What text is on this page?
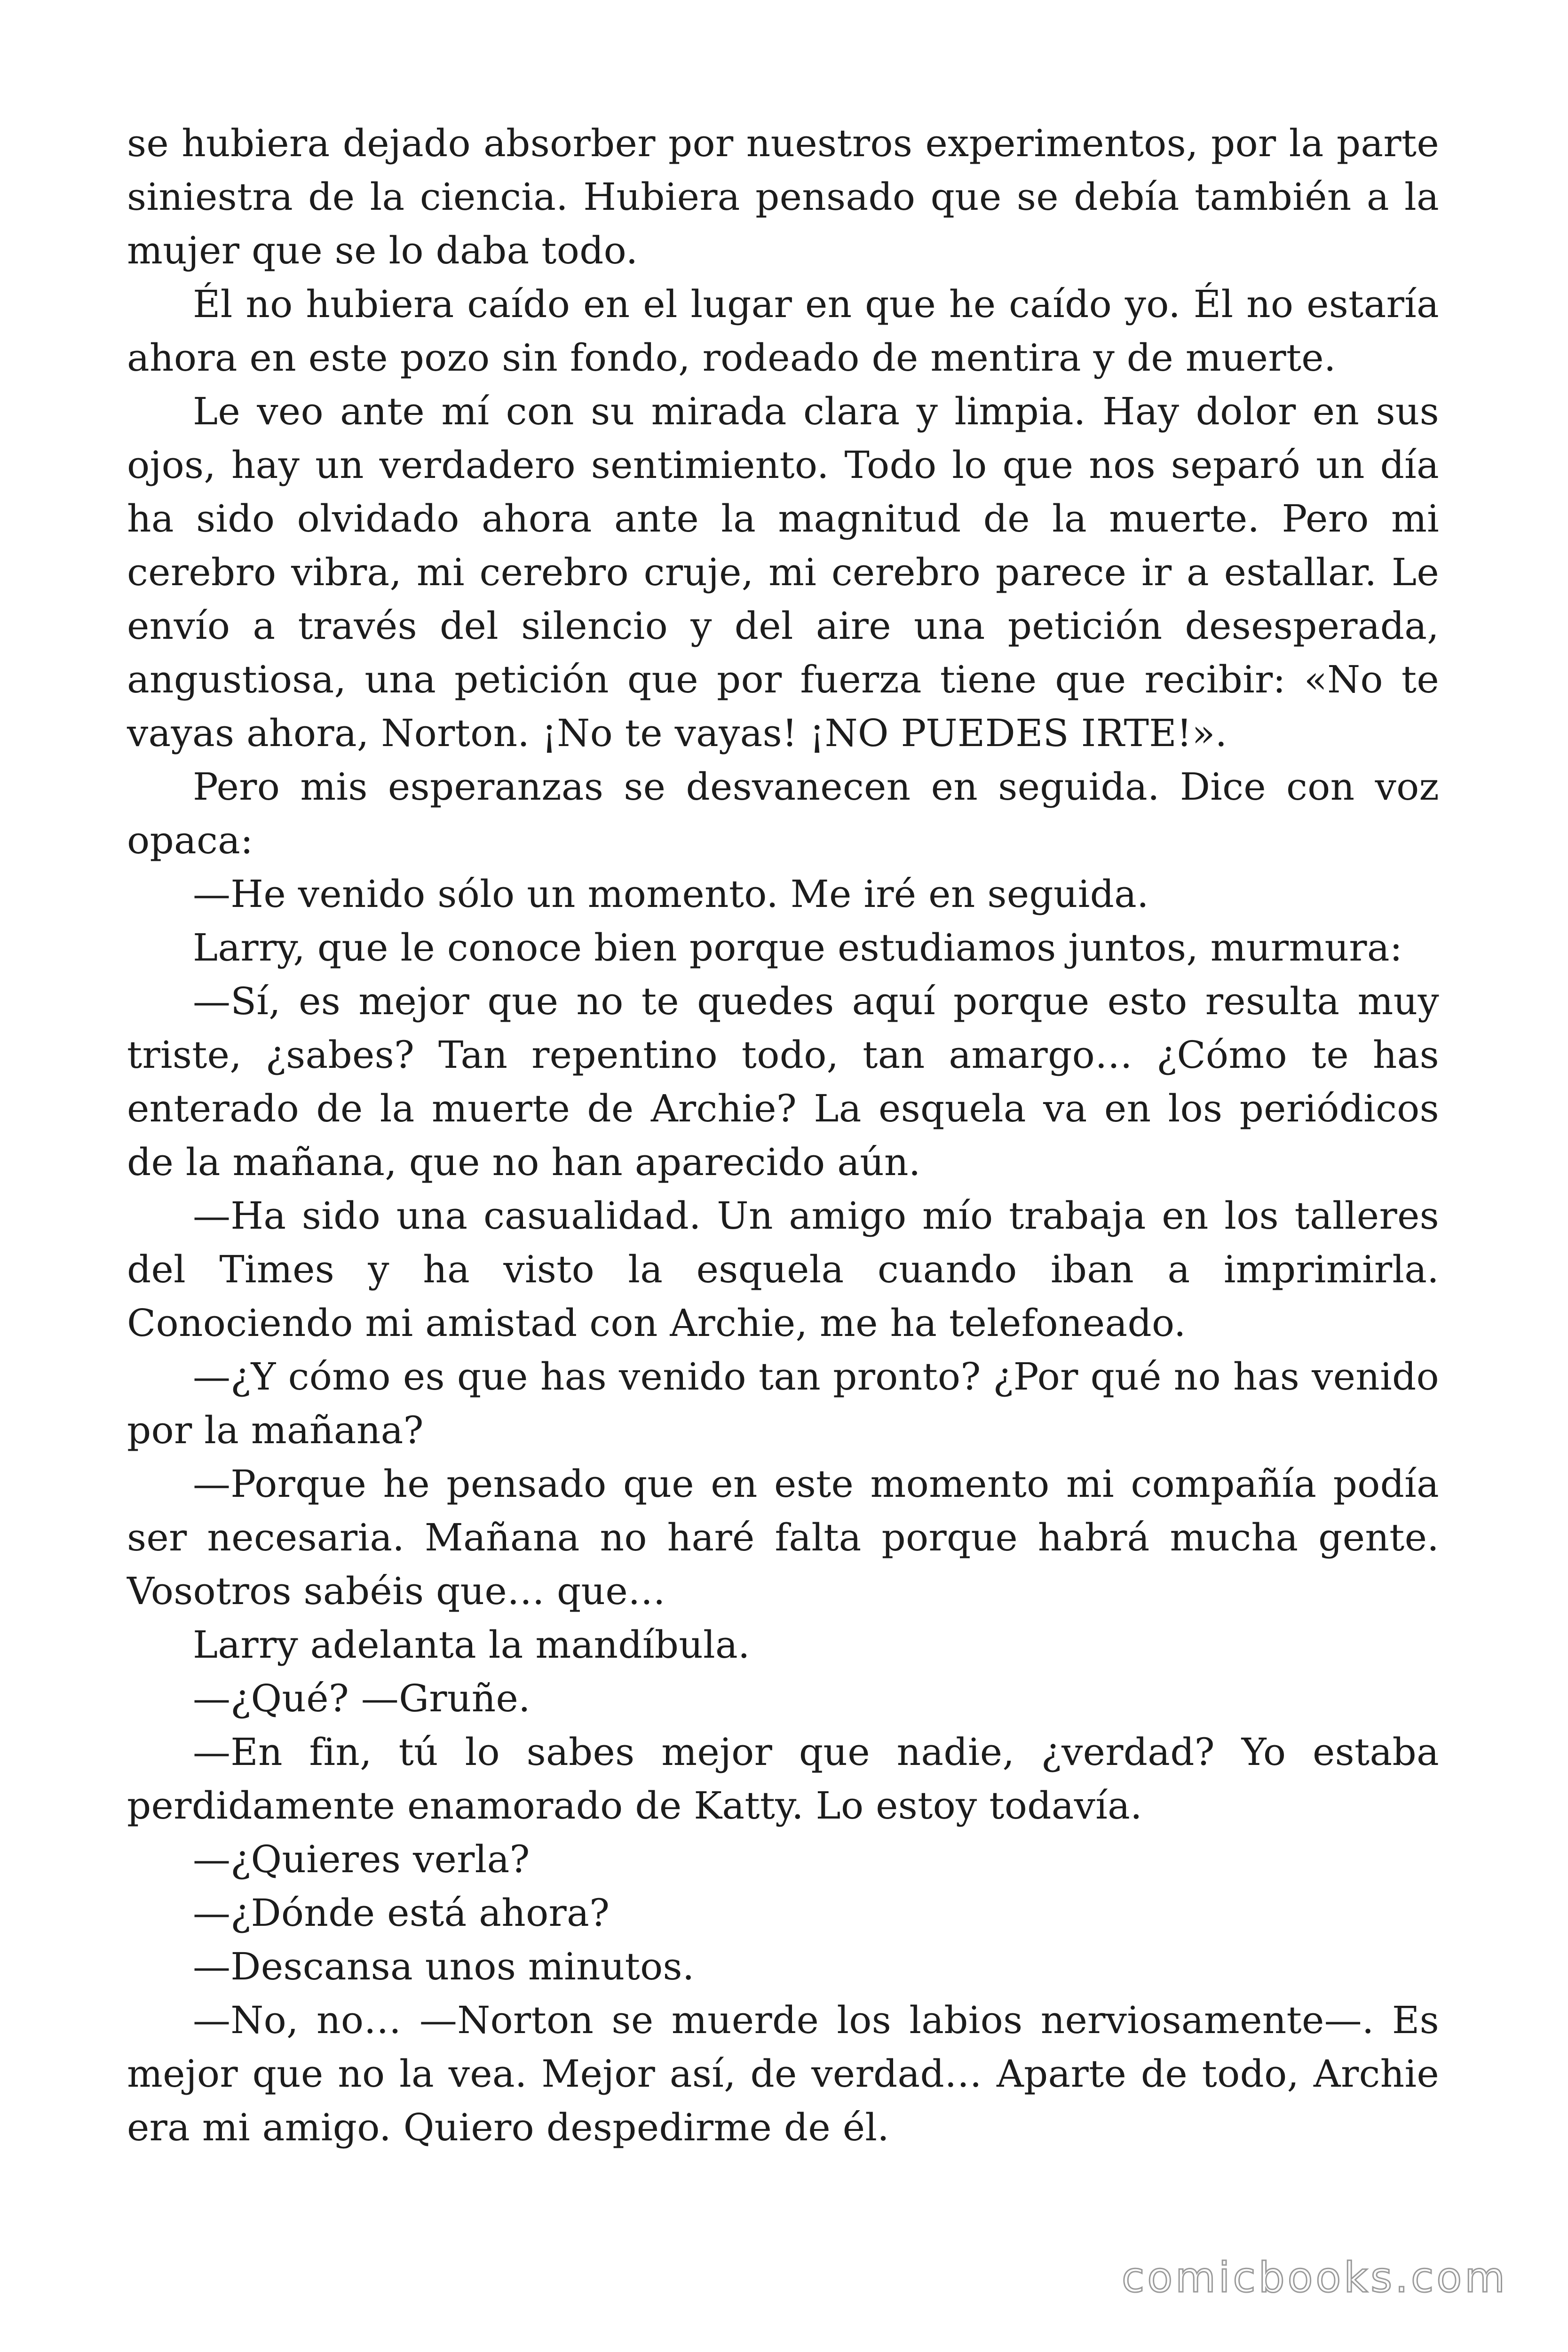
se hubiera dejado absorber por nuestros experimentos, por la parte siniestra de la ciencia. Hubiera pensado que se debía también a la mujer que se lo daba todo.

Él no hubiera caído en el lugar en que he caído yo. Él no estaría ahora en este pozo sin fondo, rodeado de mentira y de muerte.

Le veo ante mí con su mirada clara y limpia. Hay dolor en sus ojos, hay un verdadero sentimiento. Todo lo que nos separó un día ha sido olvidado ahora ante la magnitud de la muerte. Pero mi cerebro vibra, mi cerebro cruje, mi cerebro parece ir a estallar. Le envío a través del silencio y del aire una petición desesperada, angustiosa, una petición que por fuerza tiene que recibir: «No te vayas ahora, Norton. ¡No te vayas! ¡NO PUEDES IRTE!».

Pero mis esperanzas se desvanecen en seguida. Dice con voz opaca:

—He venido sólo un momento. Me iré en seguida.

Larry, que le conoce bien porque estudiamos juntos, murmura:

—Sí, es mejor que no te quedes aquí porque esto resulta muy triste, ¿sabes? Tan repentino todo, tan amargo… ¿Cómo te has enterado de la muerte de Archie? La esquela va en los periódicos de la mañana, que no han aparecido aún.

—Ha sido una casualidad. Un amigo mío trabaja en los talleres del Times y ha visto la esquela cuando iban a imprimirla. Conociendo mi amistad con Archie, me ha telefoneado.

—¿Y cómo es que has venido tan pronto? ¿Por qué no has venido por la mañana?

—Porque he pensado que en este momento mi compañía podía ser necesaria. Mañana no haré falta porque habrá mucha gente. Vosotros sabéis que… que…

Larry adelanta la mandíbula.

—¿Qué? —Gruñe.

—En fin, tú lo sabes mejor que nadie, ¿verdad? Yo estaba perdidamente enamorado de Katty. Lo estoy todavía.

—¿Quieres verla?

—¿Dónde está ahora?

—Descansa unos minutos.

—No, no… —Norton se muerde los labios nerviosamente—. Es mejor que no la vea. Mejor así, de verdad… Aparte de todo, Archie era mi amigo. Quiero despedirme de él.

comicbooks.com
